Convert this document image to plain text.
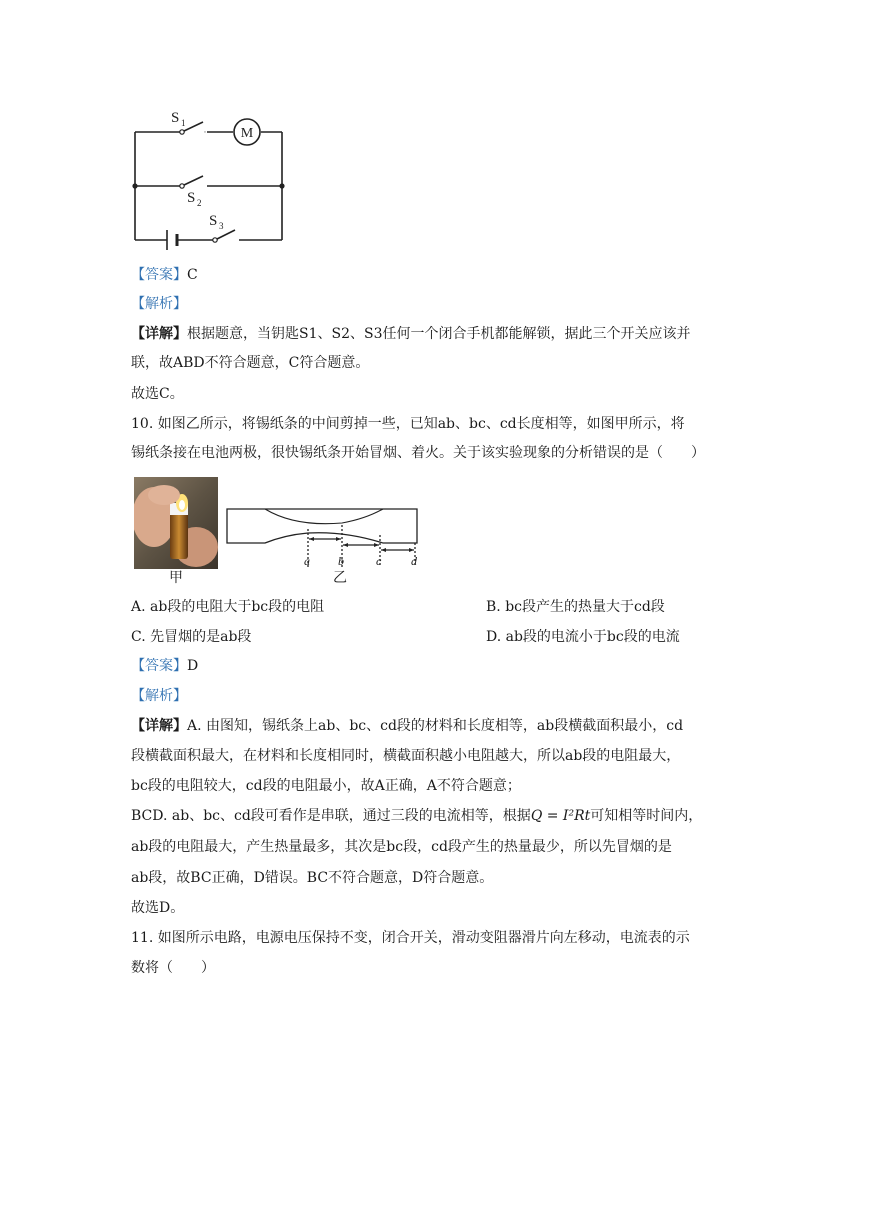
M
S 1
S 2
S 3
【答案】C
【解析】
【详解】根据题意，当钥匙S1、S2、S3任何一个闭合手机都能解锁，据此三个开关应该并
联，故ABD不符合题意，C符合题意。
故选C。
10. 如图乙所示，将锡纸条的中间剪掉一些，已知ab、bc、cd长度相等，如图甲所示，将
锡纸条接在电池两极，很快锡纸条开始冒烟、着火。关于该实验现象的分析错误的是（　　）
甲
a b	c d
乙
A. ab段的电阻大于bc段的电阻	B. bc段产生的热量大于cd段
C. 先冒烟的是ab段	D. ab段的电流小于bc段的电流
【答案】D
【解析】
【详解】A. 由图知，锡纸条上ab、bc、cd段的材料和长度相等，ab段横截面积最小，cd
段横截面积最大，在材料和长度相同时，横截面积越小电阻越大，所以ab段的电阻最大，
bc段的电阻较大，cd段的电阻最小，故A正确，A不符合题意；
BCD. ab、bc、cd段可看作是串联，通过三段的电流相等，根据Q = I²Rt可知相等时间内，
ab段的电阻最大，产生热量最多，其次是bc段，cd段产生的热量最少，所以先冒烟的是
ab段，故BC正确，D错误。BC不符合题意，D符合题意。
故选D。
11. 如图所示电路，电源电压保持不变，闭合开关，滑动变阻器滑片向左移动，电流表的示
数将（　　）
